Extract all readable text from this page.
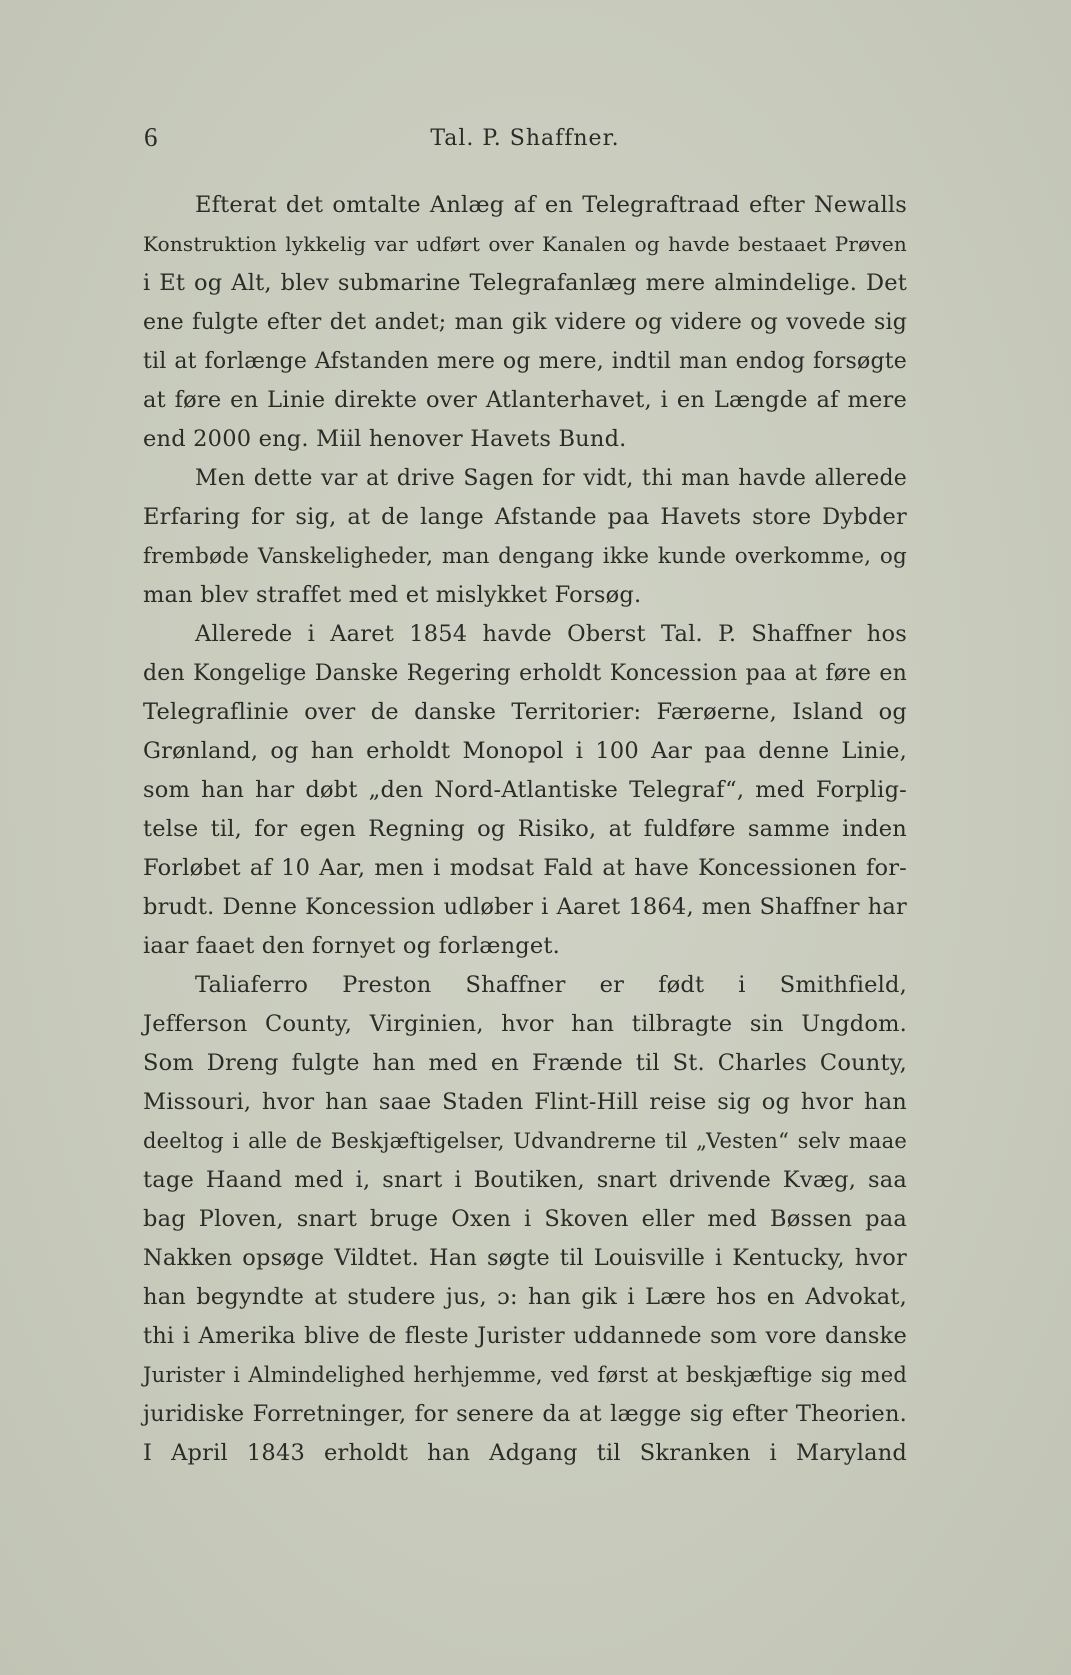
6	Tal. P. Shaffner.
Efterat det omtalte Anlæg af en Telegraftraad efter Newalls
Konstruktion lykkelig var udført over Kanalen og havde bestaaet Prøven
i Et og Alt, blev submarine Telegrafanlæg mere almindelige. Det
ene fulgte efter det andet; man gik videre og videre og vovede sig
til at forlænge Afstanden mere og mere, indtil man endog forsøgte
at føre en Linie direkte over Atlanterhavet, i en Længde af mere
end 2000 eng. Miil henover Havets Bund.
Men dette var at drive Sagen for vidt, thi man havde allerede
Erfaring for sig, at de lange Afstande paa Havets store Dybder
frembøde Vanskeligheder, man dengang ikke kunde overkomme, og
man blev straffet med et mislykket Forsøg.
Allerede i Aaret 1854 havde Oberst Tal. P. Shaffner hos
den Kongelige Danske Regering erholdt Koncession paa at føre en
Telegraflinie over de danske Territorier: Færøerne, Island og
Grønland, og han erholdt Monopol i 100 Aar paa denne Linie,
som han har døbt „den Nord-Atlantiske Telegraf“, med Forplig-
telse til, for egen Regning og Risiko, at fuldføre samme inden
Forløbet af 10 Aar, men i modsat Fald at have Koncessionen for-
brudt. Denne Koncession udløber i Aaret 1864, men Shaffner har
iaar faaet den fornyet og forlænget.
Taliaferro Preston Shaffner er født i Smithfield,
Jefferson County, Virginien, hvor han tilbragte sin Ungdom.
Som Dreng fulgte han med en Frænde til St. Charles County,
Missouri, hvor han saae Staden Flint-Hill reise sig og hvor han
deeltog i alle de Beskjæftigelser, Udvandrerne til „Vesten“ selv maae
tage Haand med i, snart i Boutiken, snart drivende Kvæg, saa
bag Ploven, snart bruge Oxen i Skoven eller med Bøssen paa
Nakken opsøge Vildtet. Han søgte til Louisville i Kentucky, hvor
han begyndte at studere jus, ɔ: han gik i Lære hos en Advokat,
thi i Amerika blive de fleste Jurister uddannede som vore danske
Jurister i Almindelighed herhjemme, ved først at beskjæftige sig med
juridiske Forretninger, for senere da at lægge sig efter Theorien.
I April 1843 erholdt han Adgang til Skranken i Maryland
